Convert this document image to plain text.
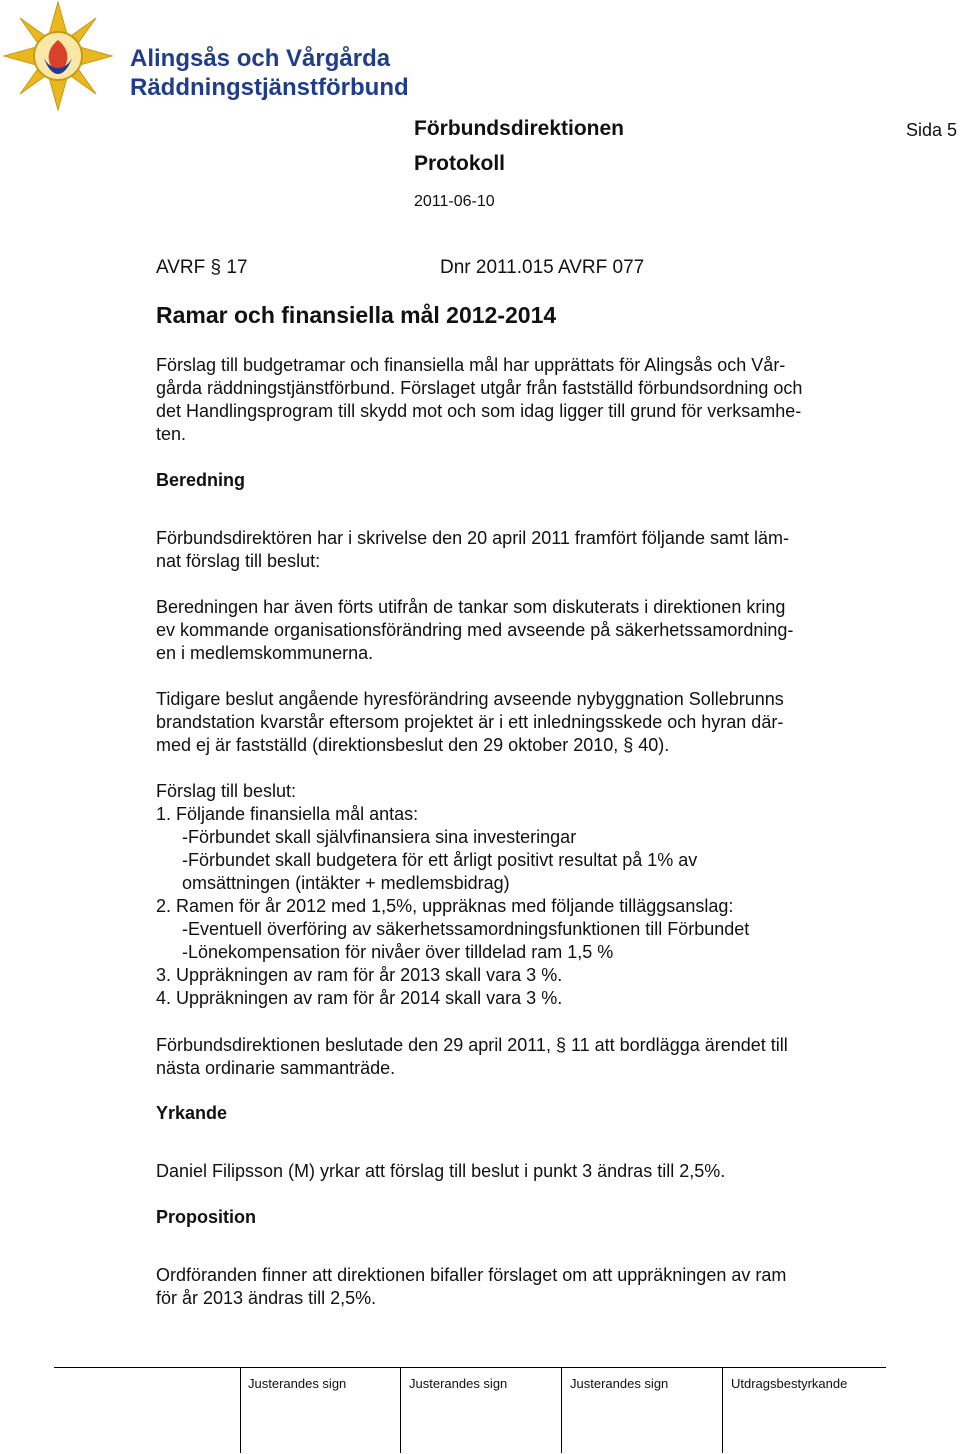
Alingsås och Vårgårda
Räddningstjänstförbund
Förbundsdirektionen	Sida 5
Protokoll
2011-06-10
AVRF § 17	Dnr 2011.015 AVRF 077
Ramar och finansiella mål 2012-2014
Förslag till budgetramar och finansiella mål har upprättats för Alingsås och Vår-
gårda räddningstjänstförbund. Förslaget utgår från fastställd förbundsordning och
det Handlingsprogram till skydd mot och som idag ligger till grund för verksamhe-
ten.
Beredning
Förbundsdirektören har i skrivelse den 20 april 2011 framfört följande samt läm-
nat förslag till beslut:
Beredningen har även förts utifrån de tankar som diskuterats i direktionen kring
ev kommande organisationsförändring med avseende på säkerhetssamordning-
en i medlemskommunerna.
Tidigare beslut angående hyresförändring avseende nybyggnation Sollebrunns
brandstation kvarstår eftersom projektet är i ett inledningsskede och hyran där-
med ej är fastställd (direktionsbeslut den 29 oktober 2010, § 40).
Förslag till beslut:
1. Följande finansiella mål antas:
-Förbundet skall självfinansiera sina investeringar
-Förbundet skall budgetera för ett årligt positivt resultat på 1% av
omsättningen (intäkter + medlemsbidrag)
2. Ramen för år 2012 med 1,5%, uppräknas med följande tilläggsanslag:
-Eventuell överföring av säkerhetssamordningsfunktionen till Förbundet
-Lönekompensation för nivåer över tilldelad ram 1,5 %
3. Uppräkningen av ram för år 2013 skall vara 3 %.
4. Uppräkningen av ram för år 2014 skall vara 3 %.
Förbundsdirektionen beslutade den 29 april 2011, § 11 att bordlägga ärendet till
nästa ordinarie sammanträde.
Yrkande
Daniel Filipsson (M) yrkar att förslag till beslut i punkt 3 ändras till 2,5%.
Proposition
Ordföranden finner att direktionen bifaller förslaget om att uppräkningen av ram
för år 2013 ändras till 2,5%.
Justerandes sign	Justerandes sign	Justerandes sign	Utdragsbestyrkande
